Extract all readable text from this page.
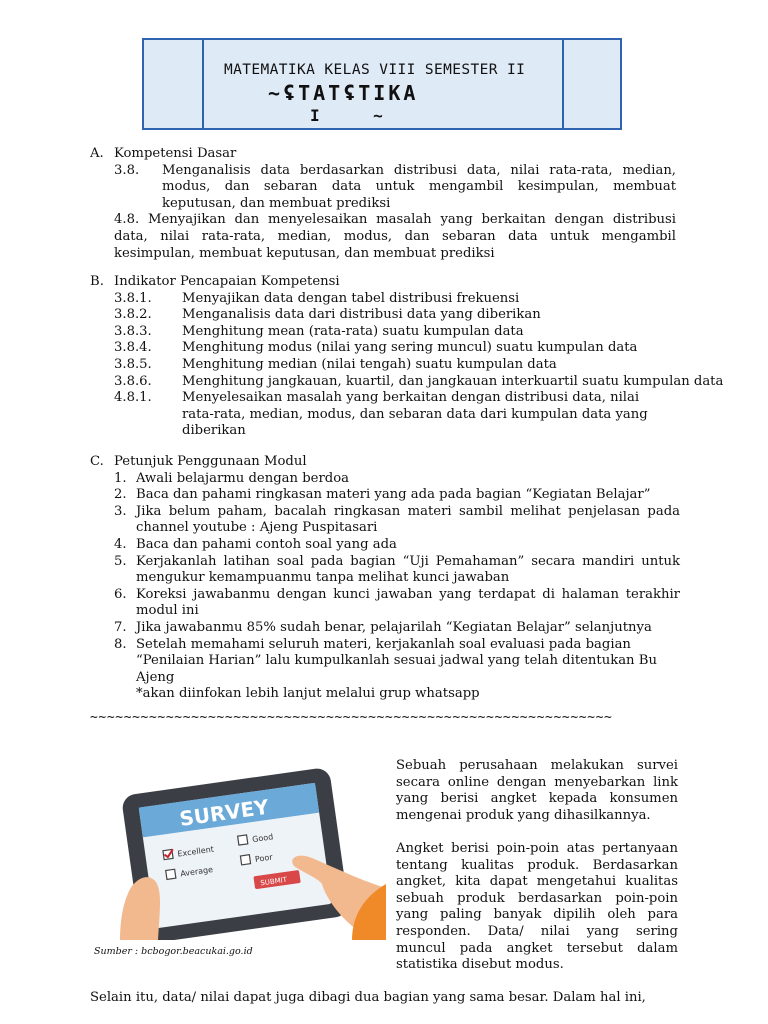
MATEMATIKA KELAS VIII SEMESTER II
~ʢTATʢTIKA
I    ~
A. Kompetensi Dasar
3.8.	Menganalisis data berdasarkan distribusi data, nilai rata-rata, median, modus, dan sebaran data untuk mengambil kesimpulan, membuat keputusan, dan membuat prediksi
4.8. Menyajikan dan menyelesaikan masalah yang berkaitan dengan distribusi data, nilai rata-rata, median, modus, dan sebaran data untuk mengambil kesimpulan, membuat keputusan, dan membuat prediksi
B. Indikator Pencapaian Kompetensi
3.8.1.	Menyajikan data dengan tabel distribusi frekuensi
3.8.2.	Menganalisis data dari distribusi data yang diberikan
3.8.3.	Menghitung mean (rata-rata) suatu kumpulan data
3.8.4.	Menghitung modus (nilai yang sering muncul) suatu kumpulan data
3.8.5.	Menghitung median (nilai tengah) suatu kumpulan data
3.8.6.	Menghitung jangkauan, kuartil, dan jangkauan interkuartil suatu kumpulan data
4.8.1.	Menyelesaikan masalah yang berkaitan dengan distribusi data, nilai rata-rata, median, modus, dan sebaran data dari kumpulan data yang diberikan
C. Petunjuk Penggunaan Modul
1. Awali belajarmu dengan berdoa
2. Baca dan pahami ringkasan materi yang ada pada bagian “Kegiatan Belajar”
3. Jika belum paham, bacalah ringkasan materi sambil melihat penjelasan pada channel youtube : Ajeng Puspitasari
4. Baca dan pahami contoh soal yang ada
5. Kerjakanlah latihan soal pada bagian “Uji Pemahaman” secara mandiri untuk mengukur kemampuanmu tanpa melihat kunci jawaban
6. Koreksi jawabanmu dengan kunci jawaban yang terdapat di halaman terakhir modul ini
7. Jika jawabanmu 85% sudah benar, pelajarilah “Kegiatan Belajar” selanjutnya
8. Setelah memahami seluruh materi, kerjakanlah soal evaluasi pada bagian “Penilaian Harian” lalu kumpulkanlah sesuai jadwal yang telah ditentukan Bu Ajeng
*akan diinfokan lebih lanjut melalui grup whatsapp
~~~~~~~~~~~~~~~~~~~~~~~~~~~~~~~~~~~~~~~~~~~~~~~~~~~~~~~~~~~~~~
SURVEY
Excellent
Good
Average
Poor
SUBMIT
Sumber : bcbogor.beacukai.go.id

Sebuah perusahaan melakukan survei secara online dengan menyebarkan link yang berisi angket kepada konsumen mengenai produk yang dihasilkannya.

Angket berisi poin-poin atas pertanyaan tentang kualitas produk. Berdasarkan angket, kita dapat mengetahui kualitas sebuah produk berdasarkan poin-poin yang paling banyak dipilih oleh para responden. Data/ nilai yang sering muncul pada angket tersebut dalam statistika disebut modus.

Selain itu, data/ nilai dapat juga dibagi dua bagian yang sama besar. Dalam hal ini,
